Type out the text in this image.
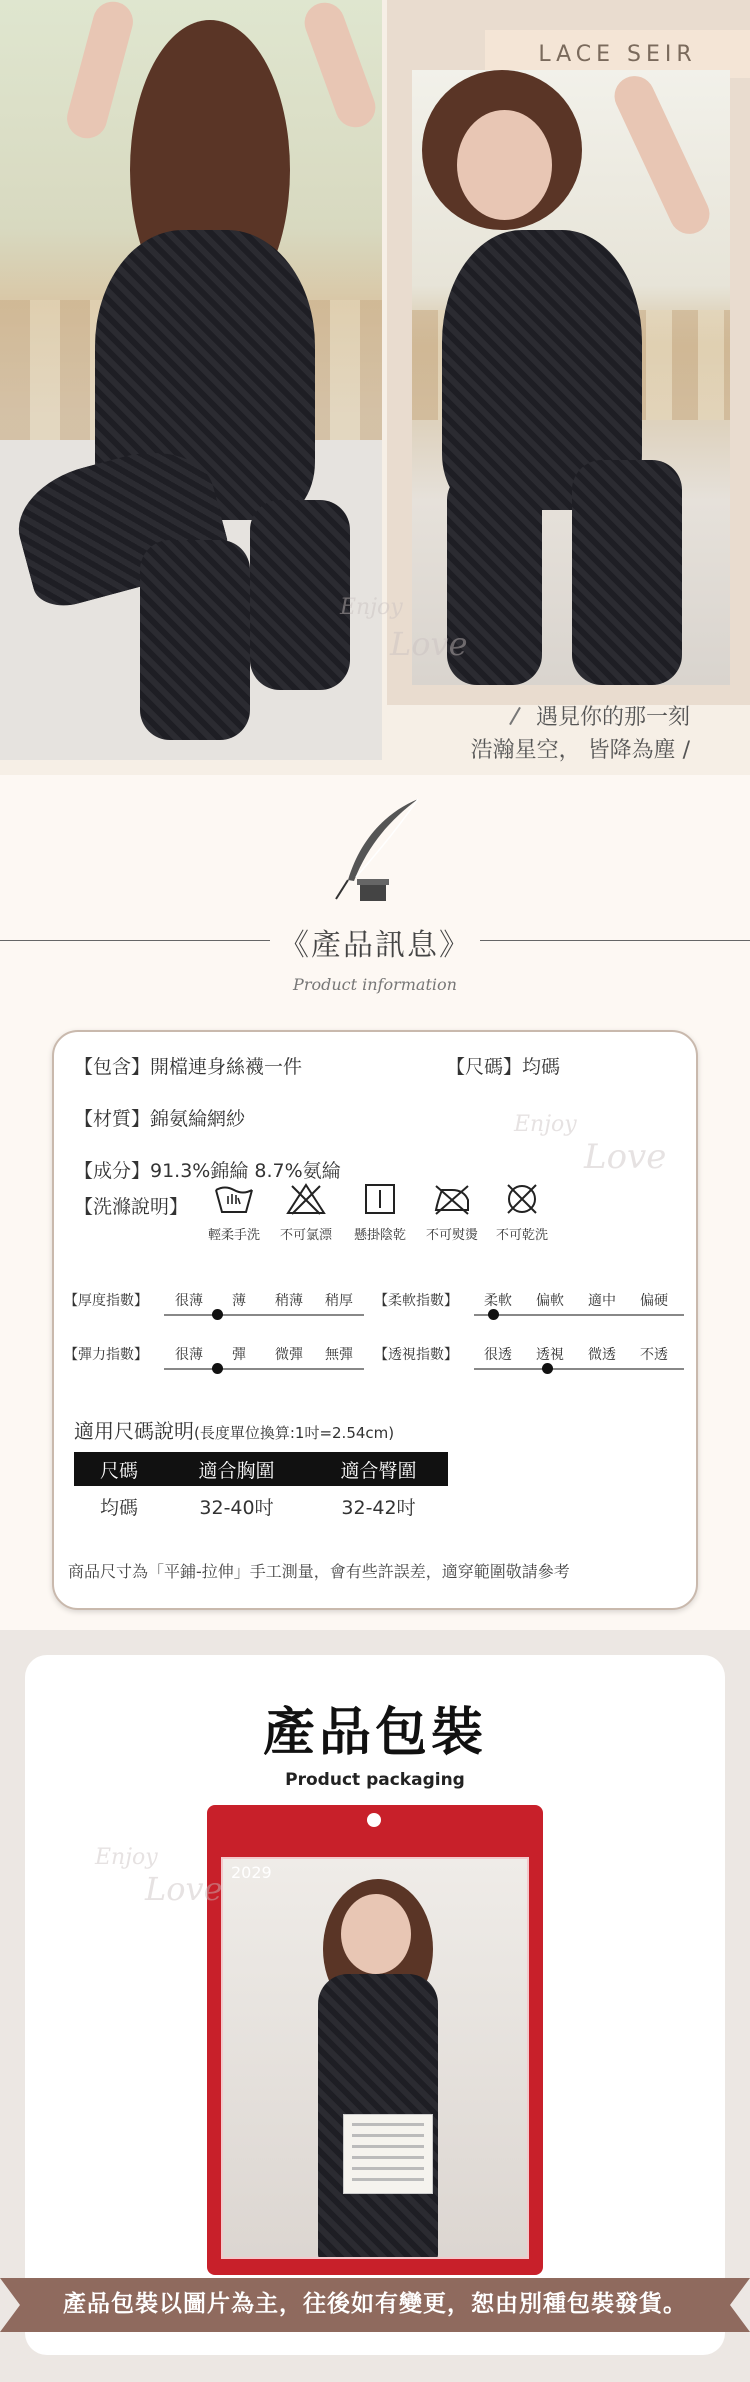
LACE SEIR
Enjoy
Love
遇見你的那一刻
浩瀚星空， 皆降為塵 /
《產品訊息》
Product information
【包含】開檔連身絲襪一件	【尺碼】均碼
【材質】錦氨綸網紗
【成分】91.3%錦綸 8.7%氨綸
Enjoy
Love
【洗滌說明】
輕柔手洗	不可氯漂	懸掛陰乾	不可熨燙	不可乾洗
【厚度指數】	很薄	薄	稍薄	稍厚	【柔軟指數】	柔軟	偏軟	適中	偏硬
【彈力指數】	很薄	彈	微彈	無彈	【透視指數】	很透	透視	微透	不透
適用尺碼說明(長度單位換算:1吋=2.54cm)
尺碼	適合胸圍	適合臀圍
均碼	32-40吋	32-42吋
商品尺寸為「平鋪-拉伸」手工測量，會有些許誤差，適穿範圍敬請參考
產品包裝
Product packaging
2029
Enjoy
Love
產品包裝以圖片為主，往後如有變更，恕由別種包裝發貨。
